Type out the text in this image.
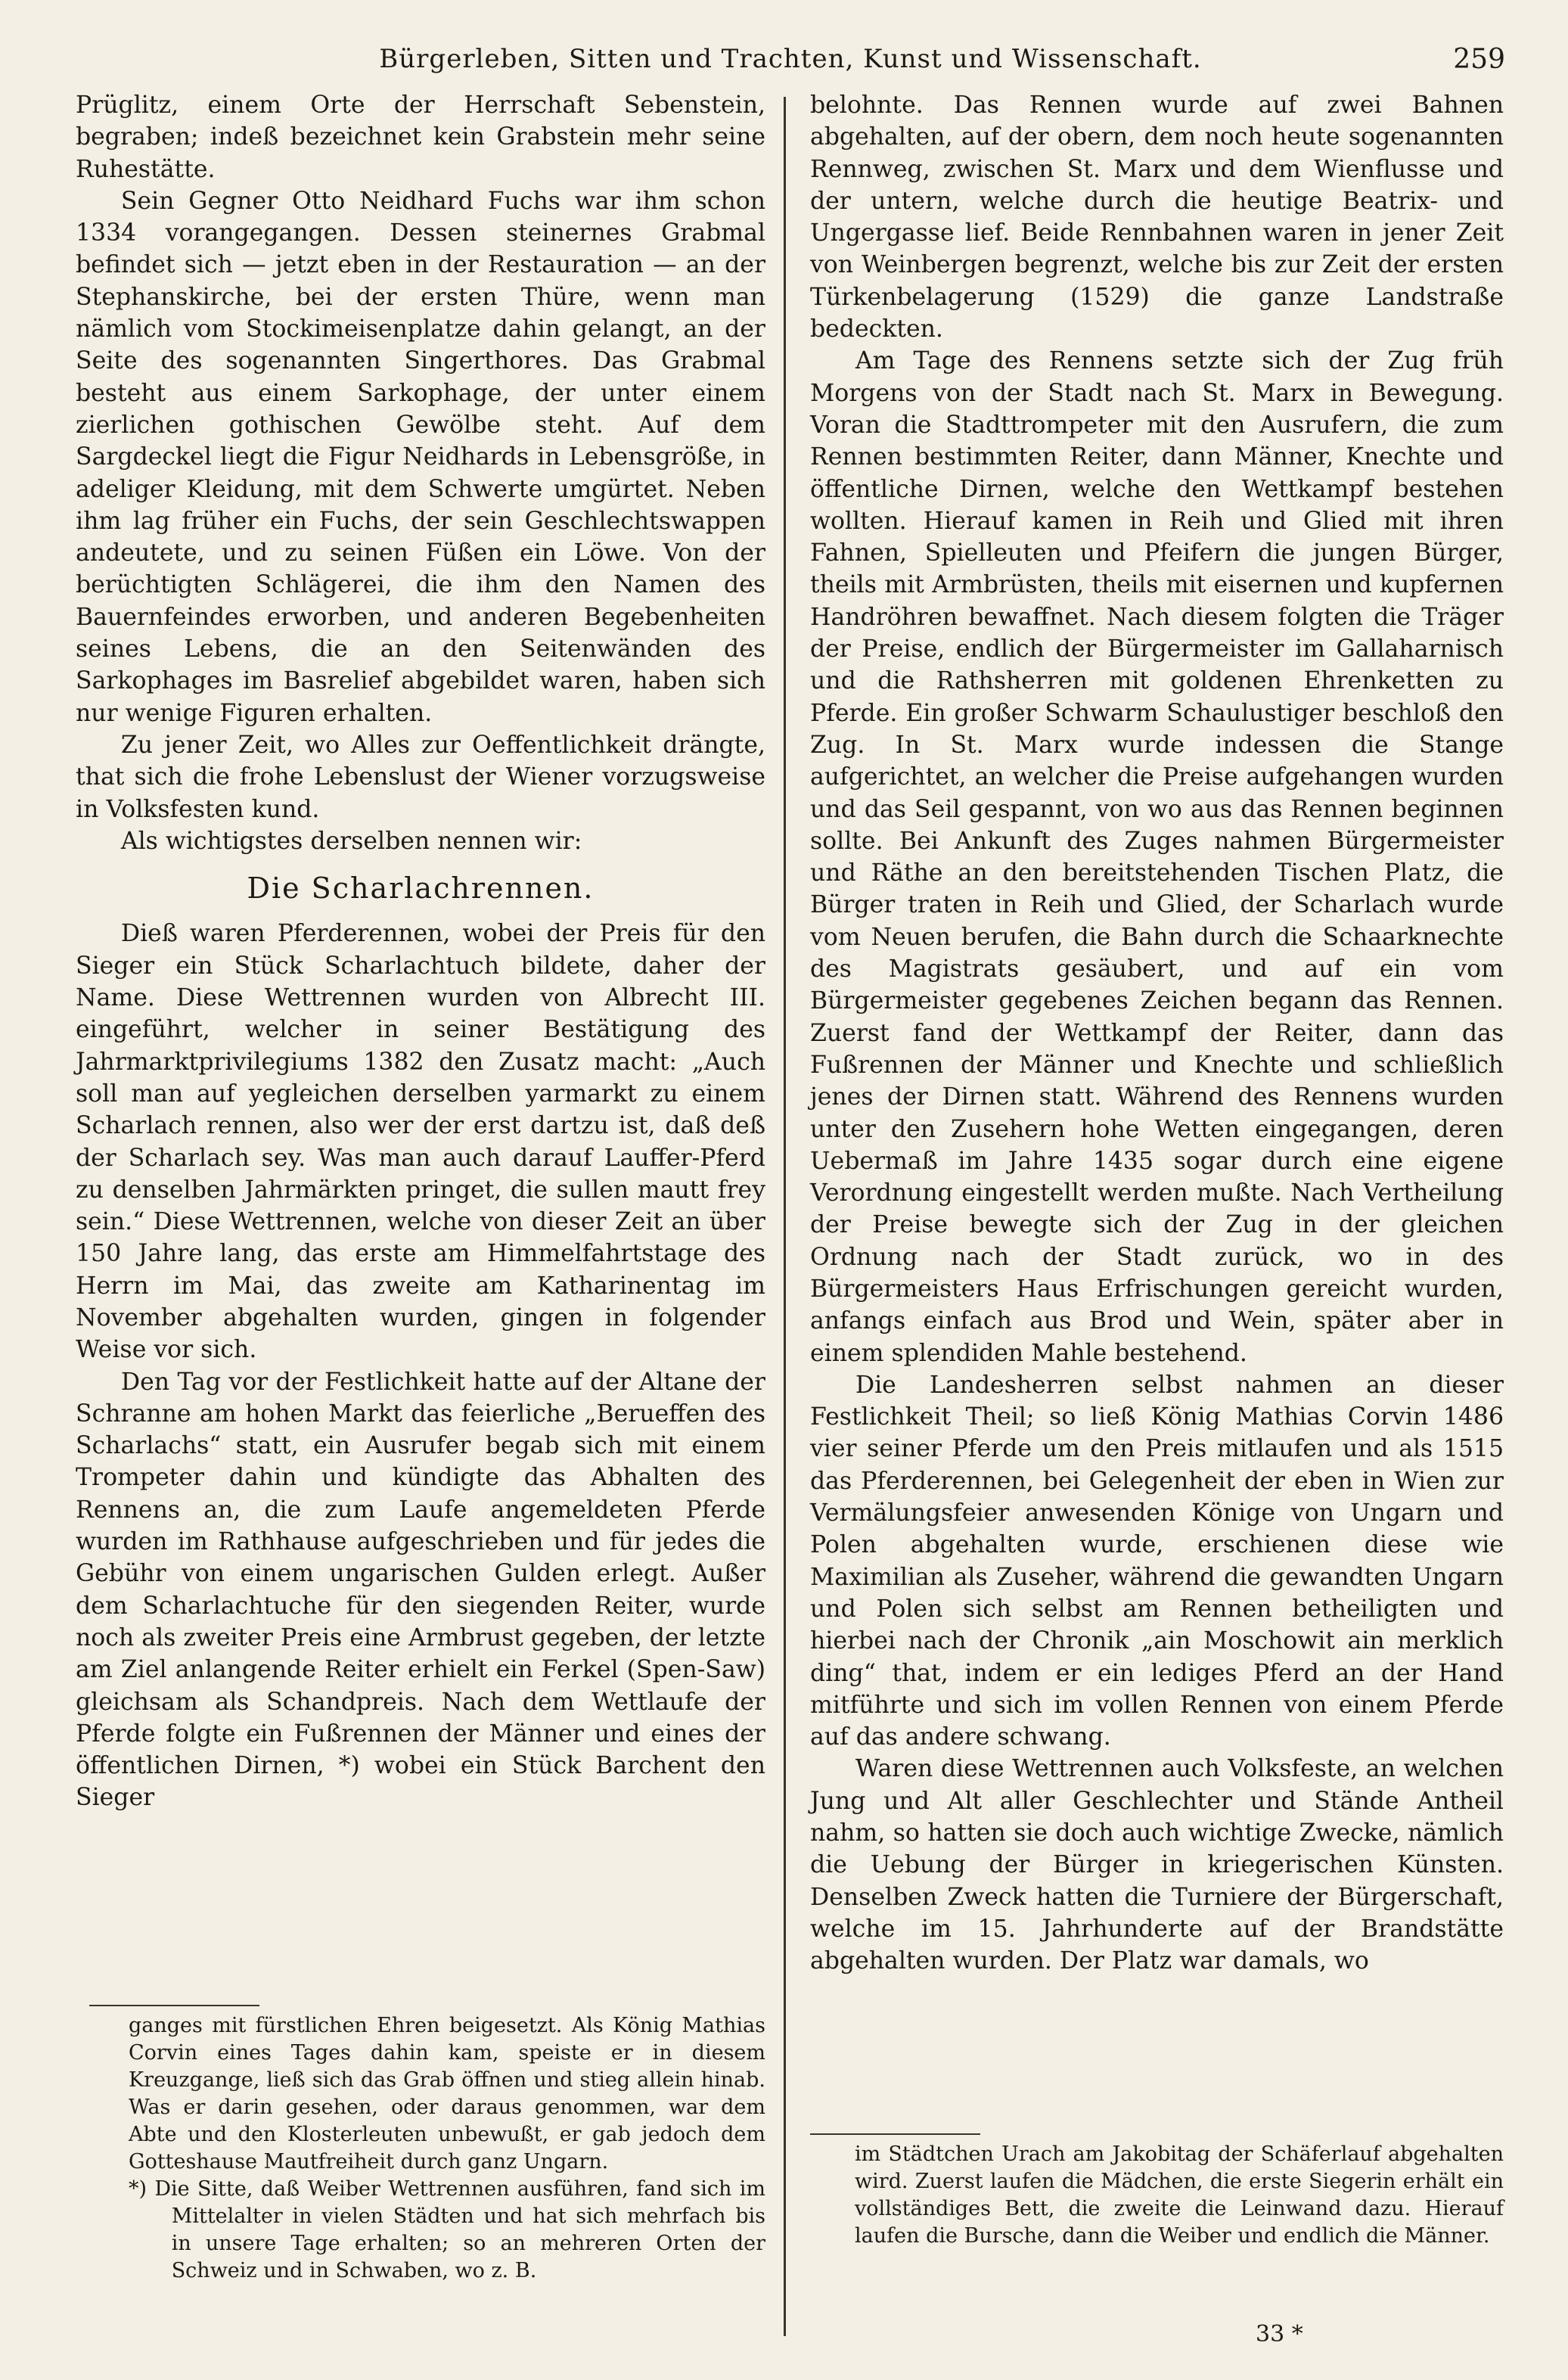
Bürgerleben, Sitten und Trachten, Kunst und Wissenschaft.	259

Prüglitz, einem Orte der Herrschaft Sebenstein, begraben; indeß bezeichnet kein Grabstein mehr seine Ruhestätte.

Sein Gegner Otto Neidhard Fuchs war ihm schon 1334 vorangegangen. Dessen steinernes Grabmal befindet sich — jetzt eben in der Restauration — an der Stephanskirche, bei der ersten Thüre, wenn man nämlich vom Stockimeisenplatze dahin gelangt, an der Seite des sogenannten Singerthores. Das Grabmal besteht aus einem Sarkophage, der unter einem zierlichen gothischen Gewölbe steht. Auf dem Sargdeckel liegt die Figur Neidhards in Lebensgröße, in adeliger Kleidung, mit dem Schwerte umgürtet. Neben ihm lag früher ein Fuchs, der sein Geschlechtswappen andeutete, und zu seinen Füßen ein Löwe. Von der berüchtigten Schlägerei, die ihm den Namen des Bauernfeindes erworben, und anderen Begebenheiten seines Lebens, die an den Seitenwänden des Sarkophages im Basrelief abgebildet waren, haben sich nur wenige Figuren erhalten.

Zu jener Zeit, wo Alles zur Oeffentlichkeit drängte, that sich die frohe Lebenslust der Wiener vorzugsweise in Volksfesten kund.

Als wichtigstes derselben nennen wir:

Die Scharlachrennen.

Dieß waren Pferderennen, wobei der Preis für den Sieger ein Stück Scharlachtuch bildete, daher der Name. Diese Wettrennen wurden von Albrecht III. eingeführt, welcher in seiner Bestätigung des Jahrmarktprivilegiums 1382 den Zusatz macht: „Auch soll man auf yegleichen derselben yarmarkt zu einem Scharlach rennen, also wer der erst dartzu ist, daß deß der Scharlach sey. Was man auch darauf Lauffer-Pferd zu denselben Jahrmärkten pringet, die sullen mautt frey sein.“ Diese Wettrennen, welche von dieser Zeit an über 150 Jahre lang, das erste am Himmelfahrtstage des Herrn im Mai, das zweite am Katharinentag im November abgehalten wurden, gingen in folgender Weise vor sich.

Den Tag vor der Festlichkeit hatte auf der Altane der Schranne am hohen Markt das feierliche „Berueffen des Scharlachs“ statt, ein Ausrufer begab sich mit einem Trompeter dahin und kündigte das Abhalten des Rennens an, die zum Laufe angemeldeten Pferde wurden im Rathhause aufgeschrieben und für jedes die Gebühr von einem ungarischen Gulden erlegt. Außer dem Scharlachtuche für den siegenden Reiter, wurde noch als zweiter Preis eine Armbrust gegeben, der letzte am Ziel anlangende Reiter erhielt ein Ferkel (Spen-Saw) gleichsam als Schandpreis. Nach dem Wettlaufe der Pferde folgte ein Fußrennen der Männer und eines der öffentlichen Dirnen, *) wobei ein Stück Barchent den Sieger

ganges mit fürstlichen Ehren beigesetzt. Als König Mathias Corvin eines Tages dahin kam, speiste er in diesem Kreuzgange, ließ sich das Grab öffnen und stieg allein hinab. Was er darin gesehen, oder daraus genommen, war dem Abte und den Klosterleuten unbewußt, er gab jedoch dem Gotteshause Mautfreiheit durch ganz Ungarn.

*) Die Sitte, daß Weiber Wettrennen ausführen, fand sich im Mittelalter in vielen Städten und hat sich mehrfach bis in unsere Tage erhalten; so an mehreren Orten der Schweiz und in Schwaben, wo z. B.

belohnte. Das Rennen wurde auf zwei Bahnen abgehalten, auf der obern, dem noch heute sogenannten Rennweg, zwischen St. Marx und dem Wienflusse und der untern, welche durch die heutige Beatrix- und Ungergasse lief. Beide Rennbahnen waren in jener Zeit von Weinbergen begrenzt, welche bis zur Zeit der ersten Türkenbelagerung (1529) die ganze Landstraße bedeckten.

Am Tage des Rennens setzte sich der Zug früh Morgens von der Stadt nach St. Marx in Bewegung. Voran die Stadttrompeter mit den Ausrufern, die zum Rennen bestimmten Reiter, dann Männer, Knechte und öffentliche Dirnen, welche den Wettkampf bestehen wollten. Hierauf kamen in Reih und Glied mit ihren Fahnen, Spielleuten und Pfeifern die jungen Bürger, theils mit Armbrüsten, theils mit eisernen und kupfernen Handröhren bewaffnet. Nach diesem folgten die Träger der Preise, endlich der Bürgermeister im Gallaharnisch und die Rathsherren mit goldenen Ehrenketten zu Pferde. Ein großer Schwarm Schaulustiger beschloß den Zug. In St. Marx wurde indessen die Stange aufgerichtet, an welcher die Preise aufgehangen wurden und das Seil gespannt, von wo aus das Rennen beginnen sollte. Bei Ankunft des Zuges nahmen Bürgermeister und Räthe an den bereitstehenden Tischen Platz, die Bürger traten in Reih und Glied, der Scharlach wurde vom Neuen berufen, die Bahn durch die Schaarknechte des Magistrats gesäubert, und auf ein vom Bürgermeister gegebenes Zeichen begann das Rennen. Zuerst fand der Wettkampf der Reiter, dann das Fußrennen der Männer und Knechte und schließlich jenes der Dirnen statt. Während des Rennens wurden unter den Zusehern hohe Wetten eingegangen, deren Uebermaß im Jahre 1435 sogar durch eine eigene Verordnung eingestellt werden mußte. Nach Vertheilung der Preise bewegte sich der Zug in der gleichen Ordnung nach der Stadt zurück, wo in des Bürgermeisters Haus Erfrischungen gereicht wurden, anfangs einfach aus Brod und Wein, später aber in einem splendiden Mahle bestehend.

Die Landesherren selbst nahmen an dieser Festlichkeit Theil; so ließ König Mathias Corvin 1486 vier seiner Pferde um den Preis mitlaufen und als 1515 das Pferderennen, bei Gelegenheit der eben in Wien zur Vermälungsfeier anwesenden Könige von Ungarn und Polen abgehalten wurde, erschienen diese wie Maximilian als Zuseher, während die gewandten Ungarn und Polen sich selbst am Rennen betheiligten und hierbei nach der Chronik „ain Moschowit ain merklich ding“ that, indem er ein lediges Pferd an der Hand mitführte und sich im vollen Rennen von einem Pferde auf das andere schwang.

Waren diese Wettrennen auch Volksfeste, an welchen Jung und Alt aller Geschlechter und Stände Antheil nahm, so hatten sie doch auch wichtige Zwecke, nämlich die Uebung der Bürger in kriegerischen Künsten. Denselben Zweck hatten die Turniere der Bürgerschaft, welche im 15. Jahrhunderte auf der Brandstätte abgehalten wurden. Der Platz war damals, wo

im Städtchen Urach am Jakobitag der Schäferlauf abgehalten wird. Zuerst laufen die Mädchen, die erste Siegerin erhält ein vollständiges Bett, die zweite die Leinwand dazu. Hierauf laufen die Bursche, dann die Weiber und endlich die Männer.

33 *
